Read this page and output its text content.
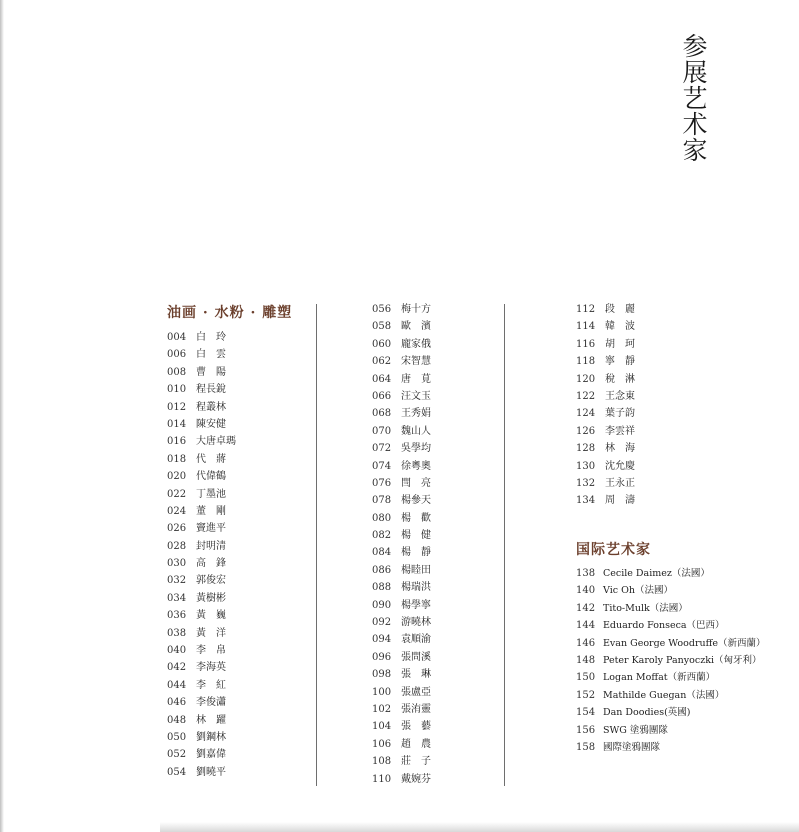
参展艺术家
油画 · 水粉 · 雕塑
004 白　玲
006 白　雲
008 曹　陽
010 程長銳
012 程叢林
014 陳安健
016 大唐卓瑪
018 代　蔣
020 代偉鶴
022 丁墨池
024 董　剛
026 竇進平
028 封明清
030 高　鋒
032 郭俊宏
034 黃樹彬
036 黃　巍
038 黃　洋
040 李　帛
042 李海英
044 李　紅
046 李俊瀟
048 林　躍
050 劉鋼林
052 劉嘉偉
054 劉曉平
056 梅十方
058 歐　濱
060 龐家俄
062 宋智慧
064 唐　莧
066 汪文玉
068 王秀娟
070 魏山人
072 吳學均
074 徐粵奧
076 閆　亮
078 楊參天
080 楊　歡
082 楊　健
084 楊　靜
086 楊睦田
088 楊瑞洪
090 楊學寧
092 游曉林
094 袁順渝
096 張問溪
098 張　琳
100 張盧亞
102 張洧靈
104 張　藝
106 趙　農
108 莊　子
110 戴婉芬
112 段　麗
114 韓　波
116 胡　珂
118 寧　靜
120 稅　淋
122 王念東
124 葉子韵
126 李雲祥
128 林　海
130 沈允慶
132 王永正
134 周　濤
国际艺术家
138 Cecile Daimez（法國）
140 Vic Oh（法國）
142 Tito-Mulk（法國）
144 Eduardo Fonseca（巴西）
146 Evan George Woodruffe（新西蘭）
148 Peter Karoly Panyoczki（匈牙利）
150 Logan Moffat（新西蘭）
152 Mathilde Guegan（法國）
154 Dan Doodies(英國)
156 SWG 塗鴉團隊
158 國際塗鴉團隊
